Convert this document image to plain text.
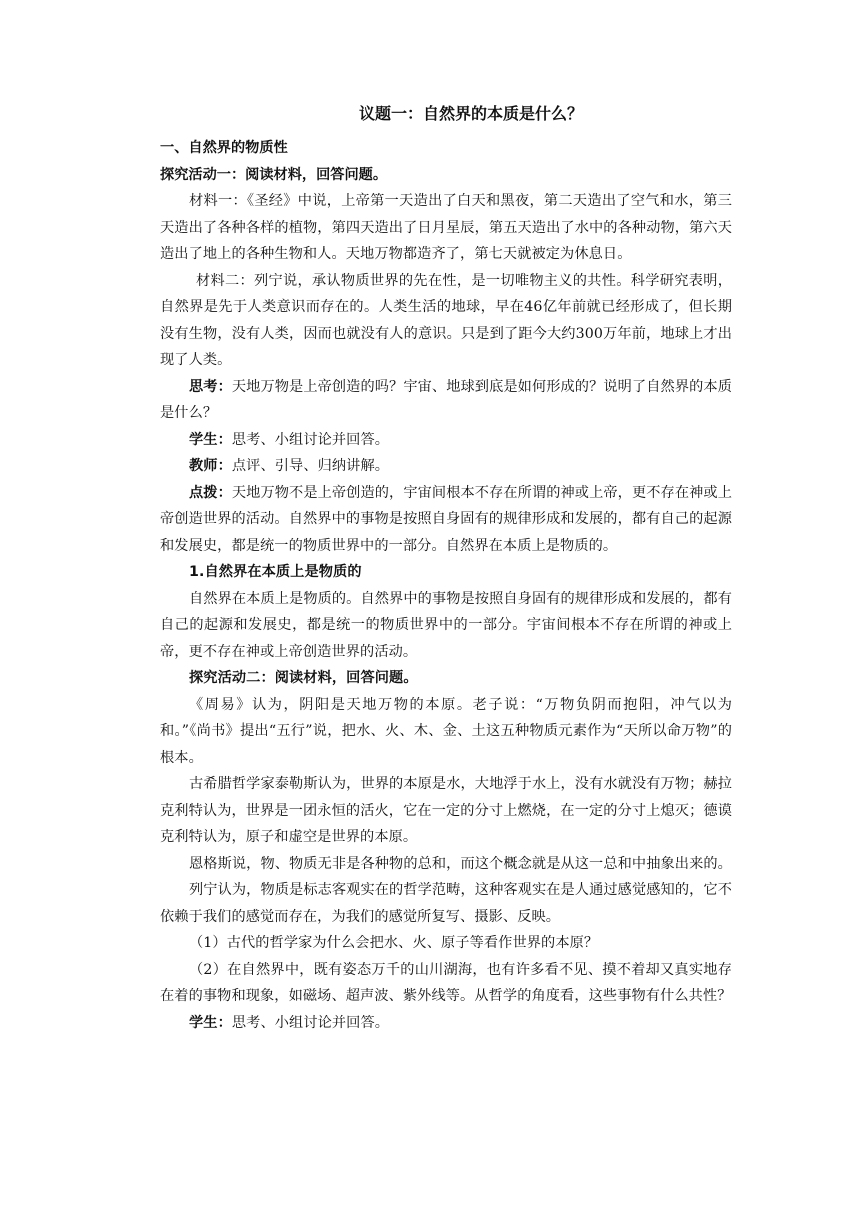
议题一：自然界的本质是什么？

一、自然界的物质性

探究活动一：阅读材料，回答问题。

材料一：《圣经》中说，上帝第一天造出了白天和黑夜，第二天造出了空气和水，第三天造出了各种各样的植物，第四天造出了日月星辰，第五天造出了水中的各种动物，第六天造出了地上的各种生物和人。天地万物都造齐了，第七天就被定为休息日。

材料二：列宁说，承认物质世界的先在性，是一切唯物主义的共性。科学研究表明，自然界是先于人类意识而存在的。人类生活的地球，早在46亿年前就已经形成了，但长期没有生物，没有人类，因而也就没有人的意识。只是到了距今大约300万年前，地球上才出现了人类。

思考：天地万物是上帝创造的吗？宇宙、地球到底是如何形成的？说明了自然界的本质是什么？

学生：思考、小组讨论并回答。

教师：点评、引导、归纳讲解。

点拨：天地万物不是上帝创造的，宇宙间根本不存在所谓的神或上帝，更不存在神或上帝创造世界的活动。自然界中的事物是按照自身固有的规律形成和发展的，都有自己的起源和发展史，都是统一的物质世界中的一部分。自然界在本质上是物质的。

1.自然界在本质上是物质的

自然界在本质上是物质的。自然界中的事物是按照自身固有的规律形成和发展的，都有自己的起源和发展史，都是统一的物质世界中的一部分。宇宙间根本不存在所谓的神或上帝，更不存在神或上帝创造世界的活动。

探究活动二：阅读材料，回答问题。

《周易》认为，阴阳是天地万物的本原。老子说：“万物负阴而抱阳，冲气以为和。”《尚书》提出“五行”说，把水、火、木、金、土这五种物质元素作为“天所以命万物”的根本。

古希腊哲学家泰勒斯认为，世界的本原是水，大地浮于水上，没有水就没有万物；赫拉克利特认为，世界是一团永恒的活火，它在一定的分寸上燃烧，在一定的分寸上熄灭；德谟克利特认为，原子和虚空是世界的本原。

恩格斯说，物、物质无非是各种物的总和，而这个概念就是从这一总和中抽象出来的。

列宁认为，物质是标志客观实在的哲学范畴，这种客观实在是人通过感觉感知的，它不依赖于我们的感觉而存在，为我们的感觉所复写、摄影、反映。

（1）古代的哲学家为什么会把水、火、原子等看作世界的本原？

（2）在自然界中，既有姿态万千的山川湖海，也有许多看不见、摸不着却又真实地存在着的事物和现象，如磁场、超声波、紫外线等。从哲学的角度看，这些事物有什么共性？

学生：思考、小组讨论并回答。
